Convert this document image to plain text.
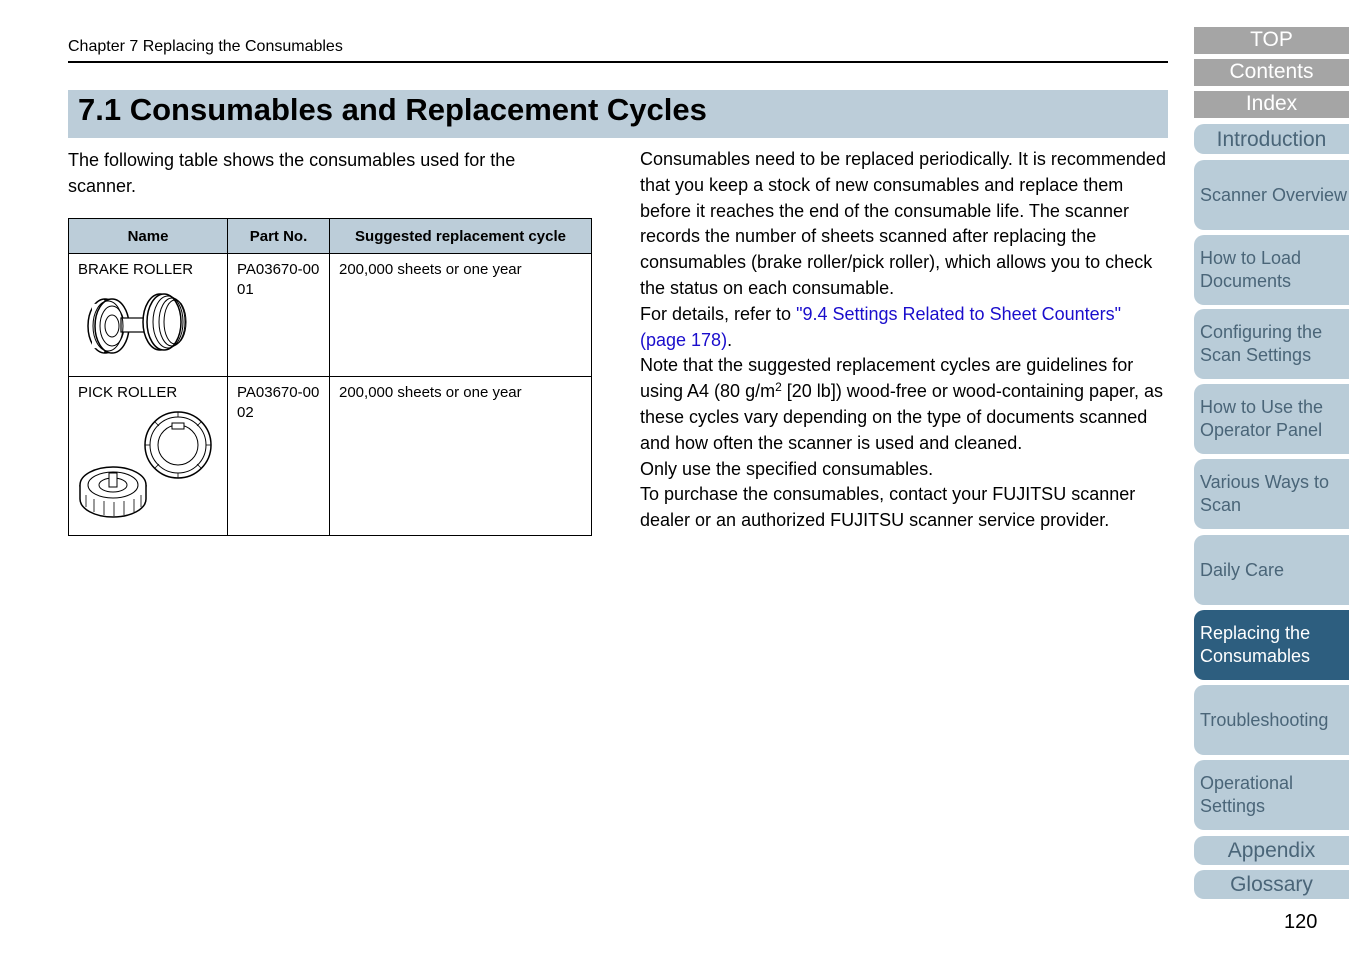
Chapter 7 Replacing the Consumables
7.1 Consumables and Replacement Cycles

The following table shows the consumables used for the scanner.

Name	Part No.	Suggested replacement cycle

BRAKE ROLLER	PA03670-0001	200,000 sheets or one year

PICK ROLLER	PA03670-0002	200,000 sheets or one year

Consumables need to be replaced periodically. It is recommended that you keep a stock of new consumables and replace them before it reaches the end of the consumable life. The scanner records the number of sheets scanned after replacing the consumables (brake roller/pick roller), which allows you to check the status on each consumable.

For details, refer to "9.4 Settings Related to Sheet Counters" (page 178).

Note that the suggested replacement cycles are guidelines for using A4 (80 $g/m^2$ [20 lb]) wood-free or wood-containing paper, as these cycles vary depending on the type of documents scanned and how often the scanner is used and cleaned.

Only use the specified consumables.

To purchase the consumables, contact your FUJITSU scanner dealer or an authorized FUJITSU scanner service provider.

TOP
Contents
Index
Introduction
Scanner Overview
How to Load Documents
Configuring the Scan Settings
How to Use the Operator Panel
Various Ways to Scan
Daily Care
Replacing the Consumables
Troubleshooting
Operational Settings
Appendix
Glossary
120
